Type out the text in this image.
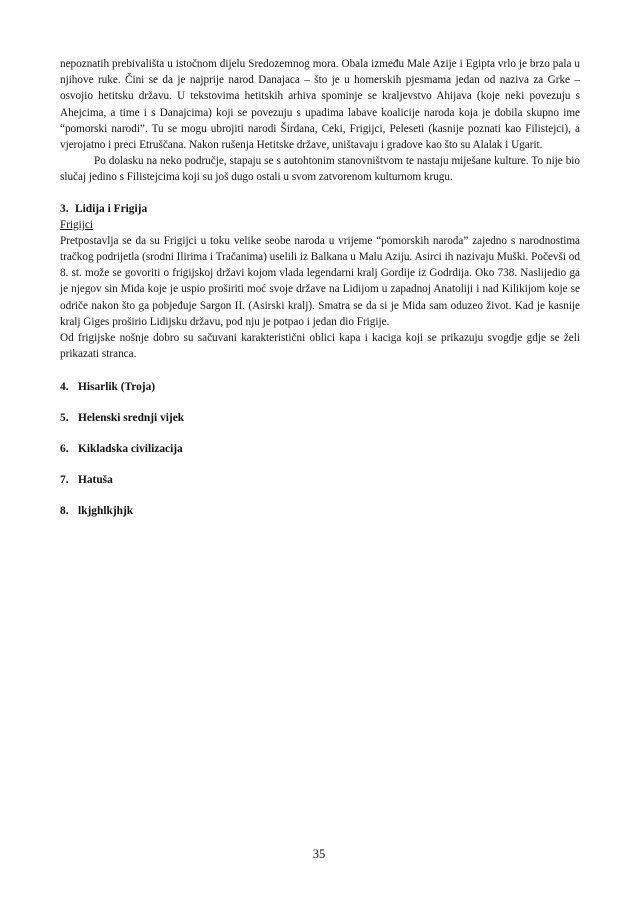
nepoznatih prebivališta u istočnom dijelu Sredozemnog mora. Obala između Male Azije i Egipta vrlo je brzo pala u njihove ruke. Čini se da je najprije narod Danajaca – što je u homerskih pjesmama jedan od naziva za Grke – osvojio hetitsku državu. U tekstovima hetitskih arhiva spominje se kraljevstvo Ahijava (koje neki povezuju s Ahejcima, a time i s Danajcima) koji se povezuju s upadima labave koalicije naroda koja je dobila skupno ime “pomorski narodi”. Tu se mogu ubrojiti narodi Širdana, Ceki, Frigijci, Peleseti (kasnije poznati kao Filistejci), a vjerojatno i preci Etruščana. Nakon rušenja Hetitske države, uništavaju i gradove kao što su Alalak i Ugarit.

Po dolasku na neko područje, stapaju se s autohtonim stanovništvom te nastaju miješane kulture. To nije bio slučaj jedino s Filistejcima koji su još dugo ostali u svom zatvorenom kulturnom krugu.

3. Lidija i Frigija
Frigijci

Pretpostavlja se da su Frigijci u toku velike seobe naroda u vrijeme “pomorskih naroda” zajedno s narodnostima tračkog podrijetla (srodni Ilirima i Tračanima) uselili iz Balkana u Malu Aziju. Asirci ih nazivaju Muški. Počevši od 8. st. može se govoriti o frigijskoj državi kojom vlada legendarni kralj Gordije iz Godrdija. Oko 738. Naslijedio ga je njegov sin Mida koje je uspio proširiti moć svoje države na Lidijom u zapadnoj Anatoliji i nad Kilikijom koje se odriče nakon što ga pobjeđuje Sargon II. (Asirski kralj). Smatra se da si je Mida sam oduzeo život. Kad je kasnije kralj Giges proširio Lidijsku državu, pod nju je potpao i jedan dio Frigije.

Od frigijske nošnje dobro su sačuvani karakteristični oblici kapa i kaciga koji se prikazuju svogdje gdje se želi prikazati stranca.

4. Hisarlik (Troja)
5. Helenski srednji vijek
6. Kikladska civilizacija
7. Hatuša
8. lkjghlkjhjk
35
